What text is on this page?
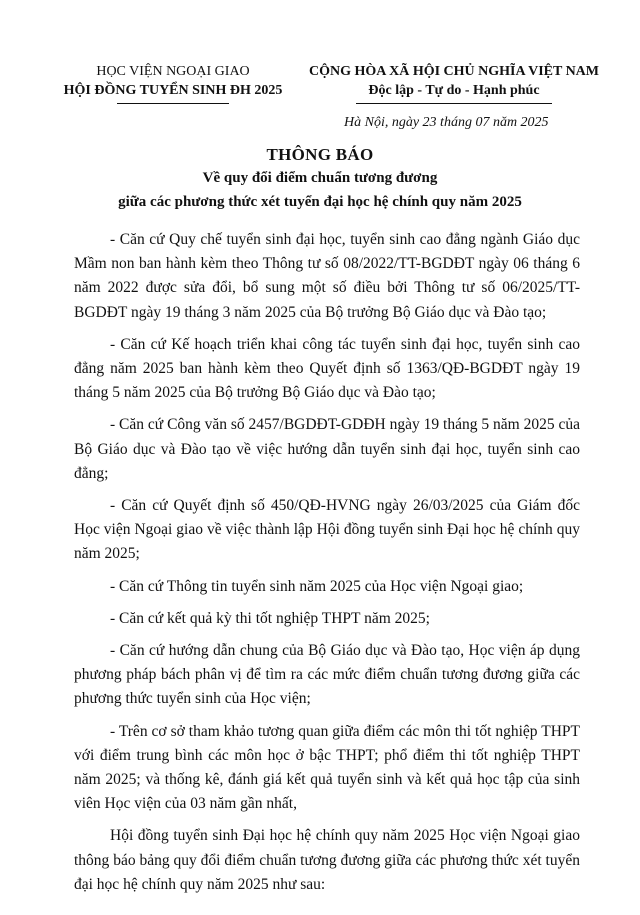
HỌC VIỆN NGOẠI GIAO
HỘI ĐỒNG TUYỂN SINH ĐH 2025
CỘNG HÒA XÃ HỘI CHỦ NGHĨA VIỆT NAM
Độc lập - Tự do - Hạnh phúc
Hà Nội, ngày 23 tháng 07 năm 2025
THÔNG BÁO
Về quy đổi điểm chuẩn tương đương
giữa các phương thức xét tuyển đại học hệ chính quy năm 2025

- Căn cứ Quy chế tuyển sinh đại học, tuyển sinh cao đẳng ngành Giáo dục Mầm non ban hành kèm theo Thông tư số 08/2022/TT-BGDĐT ngày 06 tháng 6 năm 2022 được sửa đổi, bổ sung một số điều bởi Thông tư số 06/2025/TT-BGDĐT ngày 19 tháng 3 năm 2025 của Bộ trưởng Bộ Giáo dục và Đào tạo;

- Căn cứ Kế hoạch triển khai công tác tuyển sinh đại học, tuyển sinh cao đẳng năm 2025 ban hành kèm theo Quyết định số 1363/QĐ-BGDĐT ngày 19 tháng 5 năm 2025 của Bộ trưởng Bộ Giáo dục và Đào tạo;

- Căn cứ Công văn số 2457/BGDĐT-GDĐH ngày 19 tháng 5 năm 2025 của Bộ Giáo dục và Đào tạo về việc hướng dẫn tuyển sinh đại học, tuyển sinh cao đẳng;

- Căn cứ Quyết định số 450/QĐ-HVNG ngày 26/03/2025 của Giám đốc Học viện Ngoại giao về việc thành lập Hội đồng tuyển sinh Đại học hệ chính quy năm 2025;

- Căn cứ Thông tin tuyển sinh năm 2025 của Học viện Ngoại giao;

- Căn cứ kết quả kỳ thi tốt nghiệp THPT năm 2025;

- Căn cứ hướng dẫn chung của Bộ Giáo dục và Đào tạo, Học viện áp dụng phương pháp bách phân vị để tìm ra các mức điểm chuẩn tương đương giữa các phương thức tuyển sinh của Học viện;

- Trên cơ sở tham khảo tương quan giữa điểm các môn thi tốt nghiệp THPT với điểm trung bình các môn học ở bậc THPT; phổ điểm thi tốt nghiệp THPT năm 2025; và thống kê, đánh giá kết quả tuyển sinh và kết quả học tập của sinh viên Học viện của 03 năm gần nhất,

Hội đồng tuyển sinh Đại học hệ chính quy năm 2025 Học viện Ngoại giao thông báo bảng quy đổi điểm chuẩn tương đương giữa các phương thức xét tuyển đại học hệ chính quy năm 2025 như sau:
